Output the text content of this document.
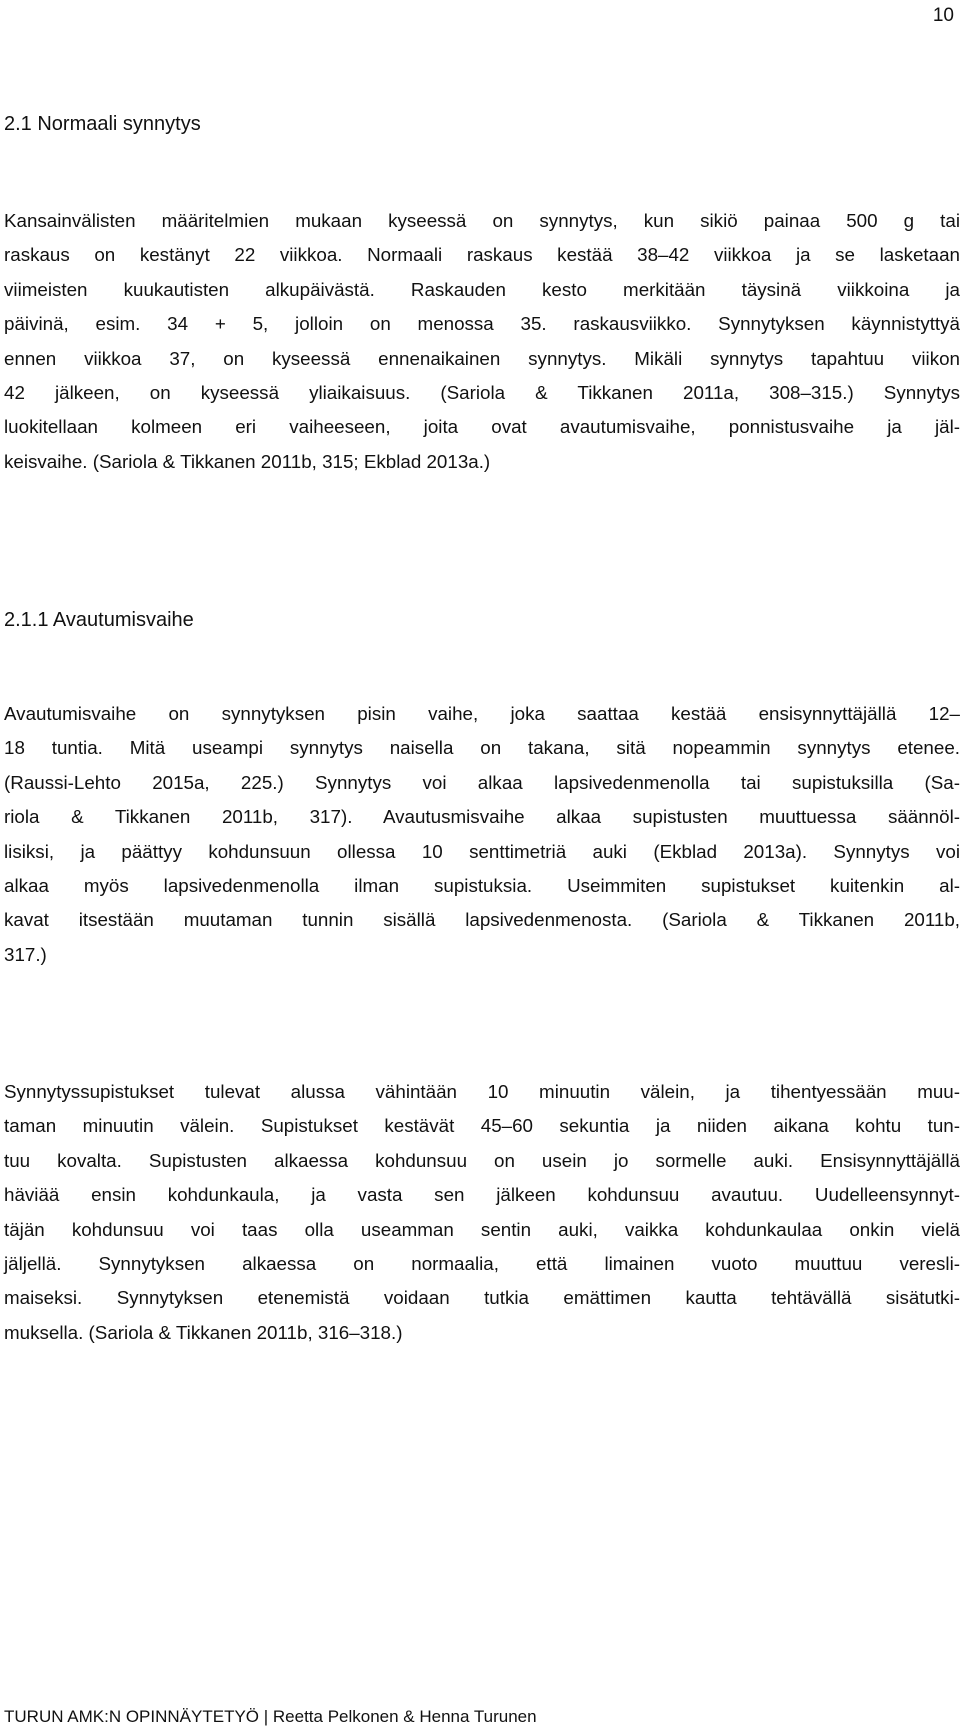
10
2.1 Normaali synnytys
Kansainvälisten määritelmien mukaan kyseessä on synnytys, kun sikiö painaa 500 g tai
raskaus on kestänyt 22 viikkoa. Normaali raskaus kestää 38–42 viikkoa ja se lasketaan
viimeisten kuukautisten alkupäivästä. Raskauden kesto merkitään täysinä viikkoina ja
päivinä, esim. 34 + 5, jolloin on menossa 35. raskausviikko. Synnytyksen käynnistyttyä
ennen viikkoa 37, on kyseessä ennenaikainen synnytys. Mikäli synnytys tapahtuu viikon
42 jälkeen, on kyseessä yliaikaisuus. (Sariola & Tikkanen 2011a, 308–315.) Synnytys
luokitellaan kolmeen eri vaiheeseen, joita ovat avautumisvaihe, ponnistusvaihe ja jäl-
keisvaihe. (Sariola & Tikkanen 2011b, 315; Ekblad 2013a.)
2.1.1 Avautumisvaihe
Avautumisvaihe on synnytyksen pisin vaihe, joka saattaa kestää ensisynnyttäjällä 12–
18 tuntia. Mitä useampi synnytys naisella on takana, sitä nopeammin synnytys etenee.
(Raussi-Lehto 2015a, 225.) Synnytys voi alkaa lapsivedenmenolla tai supistuksilla (Sa-
riola & Tikkanen 2011b, 317). Avautusmisvaihe alkaa supistusten muuttuessa säännöl-
lisiksi, ja päättyy kohdunsuun ollessa 10 senttimetriä auki (Ekblad 2013a). Synnytys voi
alkaa myös lapsivedenmenolla ilman supistuksia. Useimmiten supistukset kuitenkin al-
kavat itsestään muutaman tunnin sisällä lapsivedenmenosta. (Sariola & Tikkanen 2011b,
317.)
Synnytyssupistukset tulevat alussa vähintään 10 minuutin välein, ja tihentyessään muu-
taman minuutin välein. Supistukset kestävät 45–60 sekuntia ja niiden aikana kohtu tun-
tuu kovalta. Supistusten alkaessa kohdunsuu on usein jo sormelle auki. Ensisynnyttäjällä
häviää ensin kohdunkaula, ja vasta sen jälkeen kohdunsuu avautuu. Uudelleensynnyt-
täjän kohdunsuu voi taas olla useamman sentin auki, vaikka kohdunkaulaa onkin vielä
jäljellä. Synnytyksen alkaessa on normaalia, että limainen vuoto muuttuu veresli-
maiseksi. Synnytyksen etenemistä voidaan tutkia emättimen kautta tehtävällä sisätutki-
muksella. (Sariola & Tikkanen 2011b, 316–318.)
TURUN AMK:N OPINNÄYTETYÖ | Reetta Pelkonen & Henna Turunen
